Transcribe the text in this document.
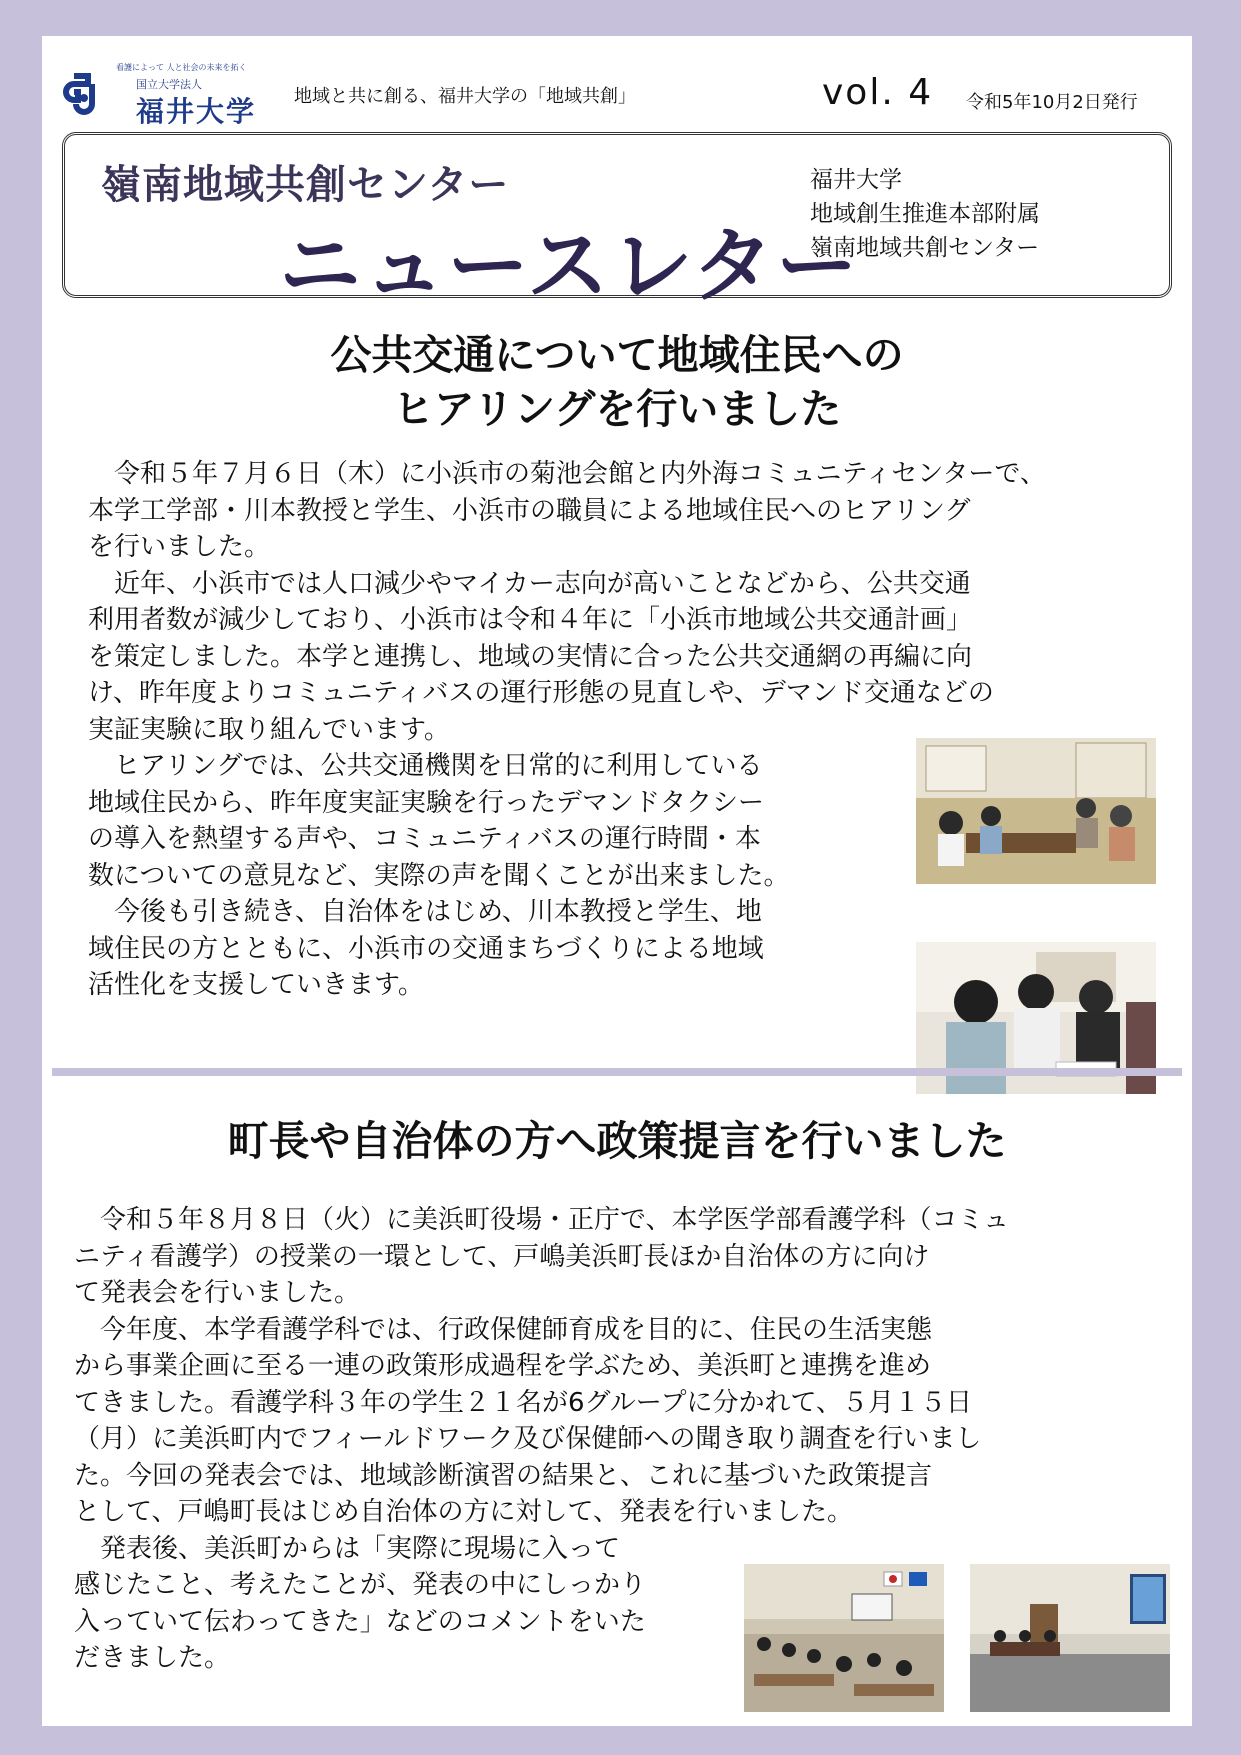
看護によって 人と社会の未来を拓く
国立大学法人
福井大学 地域と共に創る、福井大学の「地域共創」	vol. 4 令和5年10月2日発行
嶺南地域共創センター
ニュースレター
福井大学
地域創生推進本部附属
嶺南地域共創センター
公共交通について地域住民への
ヒアリングを行いました
　令和５年７月６日（木）に小浜市の菊池会館と内外海コミュニティセンターで、
本学工学部・川本教授と学生、小浜市の職員による地域住民へのヒアリング
を行いました。
　近年、小浜市では人口減少やマイカー志向が高いことなどから、公共交通
利用者数が減少しており、小浜市は令和４年に「小浜市地域公共交通計画」
を策定しました。本学と連携し、地域の実情に合った公共交通網の再編に向
け、昨年度よりコミュニティバスの運行形態の見直しや、デマンド交通などの
実証実験に取り組んでいます。
　ヒアリングでは、公共交通機関を日常的に利用している
地域住民から、昨年度実証実験を行ったデマンドタクシー
の導入を熱望する声や、コミュニティバスの運行時間・本
数についての意見など、実際の声を聞くことが出来ました。
　今後も引き続き、自治体をはじめ、川本教授と学生、地
域住民の方とともに、小浜市の交通まちづくりによる地域
活性化を支援していきます。
町長や自治体の方へ政策提言を行いました
　令和５年８月８日（火）に美浜町役場・正庁で、本学医学部看護学科（コミュ
ニティ看護学）の授業の一環として、戸嶋美浜町長ほか自治体の方に向け
て発表会を行いました。
　今年度、本学看護学科では、行政保健師育成を目的に、住民の生活実態
から事業企画に至る一連の政策形成過程を学ぶため、美浜町と連携を進め
てきました。看護学科３年の学生２１名が6グループに分かれて、５月１５日
（月）に美浜町内でフィールドワーク及び保健師への聞き取り調査を行いまし
た。今回の発表会では、地域診断演習の結果と、これに基づいた政策提言
として、戸嶋町長はじめ自治体の方に対して、発表を行いました。
　発表後、美浜町からは「実際に現場に入って
感じたこと、考えたことが、発表の中にしっかり
入っていて伝わってきた」などのコメントをいた
だきました。
